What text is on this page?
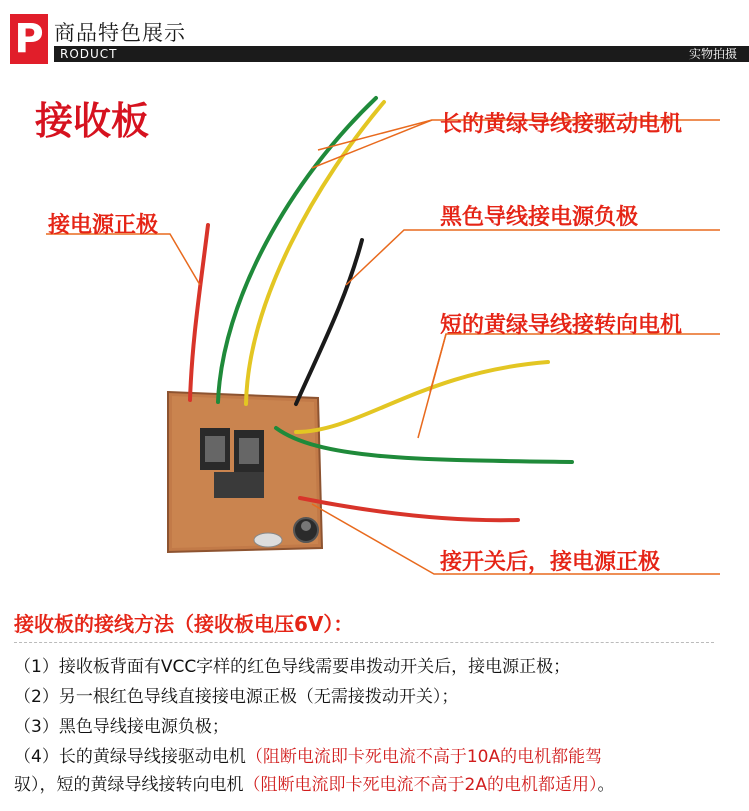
P 商品特色展示
RODUCT	实物拍摄
接收板	长的黄绿导线接驱动电机
接电源正极	黑色导线接电源负极
短的黄绿导线接转向电机
接开关后，接电源正极
接收板的接线方法（接收板电压6V）：
（1）接收板背面有VCC字样的红色导线需要串拨动开关后，接电源正极；
（2）另一根红色导线直接接电源正极（无需接拨动开关）；
（3）黑色导线接电源负极；
（4）长的黄绿导线接驱动电机（阻断电流即卡死电流不高于10A的电机都能驾
驭），短的黄绿导线接转向电机（阻断电流即卡死电流不高于2A的电机都适用）。
